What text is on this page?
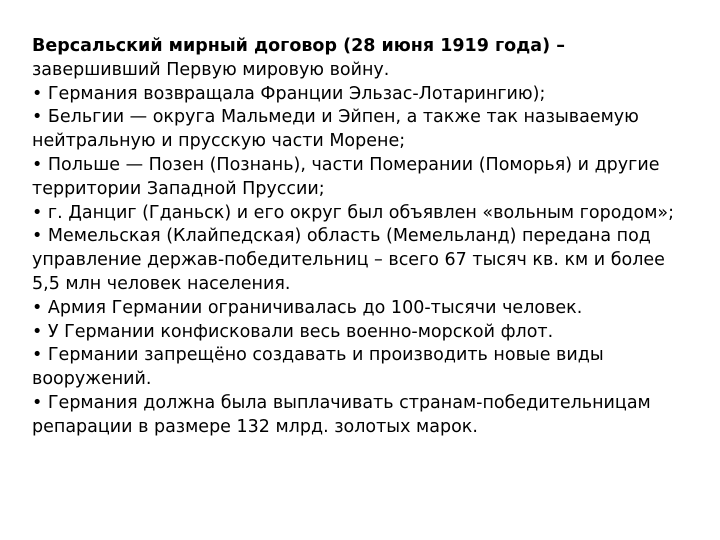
Версальский мирный договор (28 июня 1919 года) –
завершивший Первую мировую войну.
• Германия возвращала Франции Эльзас-Лотарингию);
• Бельгии — округа Мальмеди и Эйпен, а также так называемую
нейтральную и прусскую части Морене;
• Польше — Позен (Познань), части Померании (Поморья) и другие
территории Западной Пруссии;
• г. Данциг (Гданьск) и его округ был объявлен «вольным городом»;
• Мемельская (Клайпедская) область (Мемельланд) передана под
управление держав-победительниц – всего 67 тысяч кв. км и более
5,5 млн человек населения.
• Армия Германии ограничивалась до 100-тысячи человек.
• У Германии конфисковали весь военно-морской флот.
• Германии запрещёно создавать и производить новые виды
вооружений.
• Германия должна была выплачивать странам-победительницам
репарации в размере 132 млрд. золотых марок.
